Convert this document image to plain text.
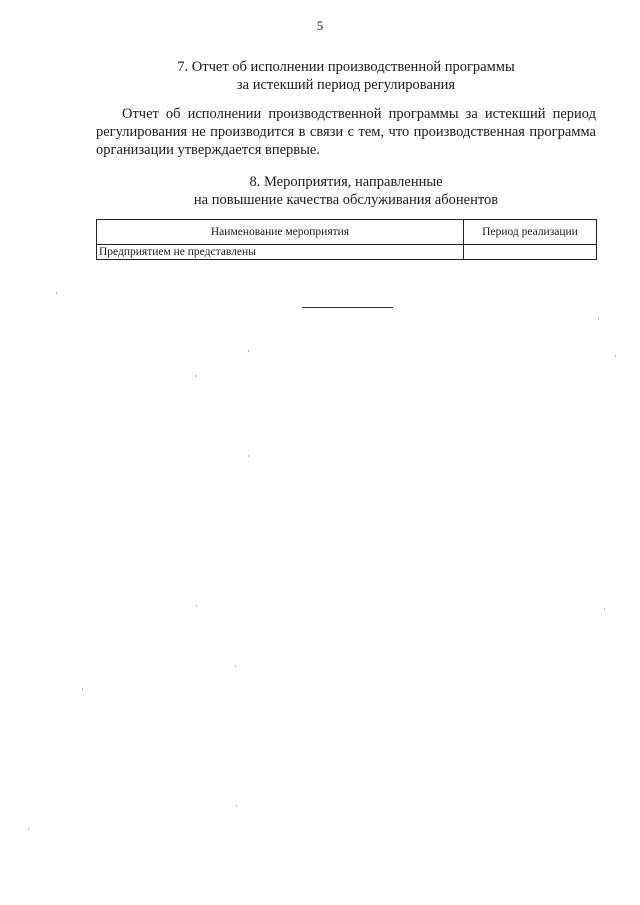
5
7. Отчет об исполнении производственной программы
за истекший период регулирования

Отчет об исполнении производственной программы за истекший период регулирования не производится в связи с тем, что производственная программа организации утверждается впервые.

8. Мероприятия, направленные
на повышение качества обслуживания абонентов
Наименование мероприятия	Период реализации
Предприятием не представлены	
